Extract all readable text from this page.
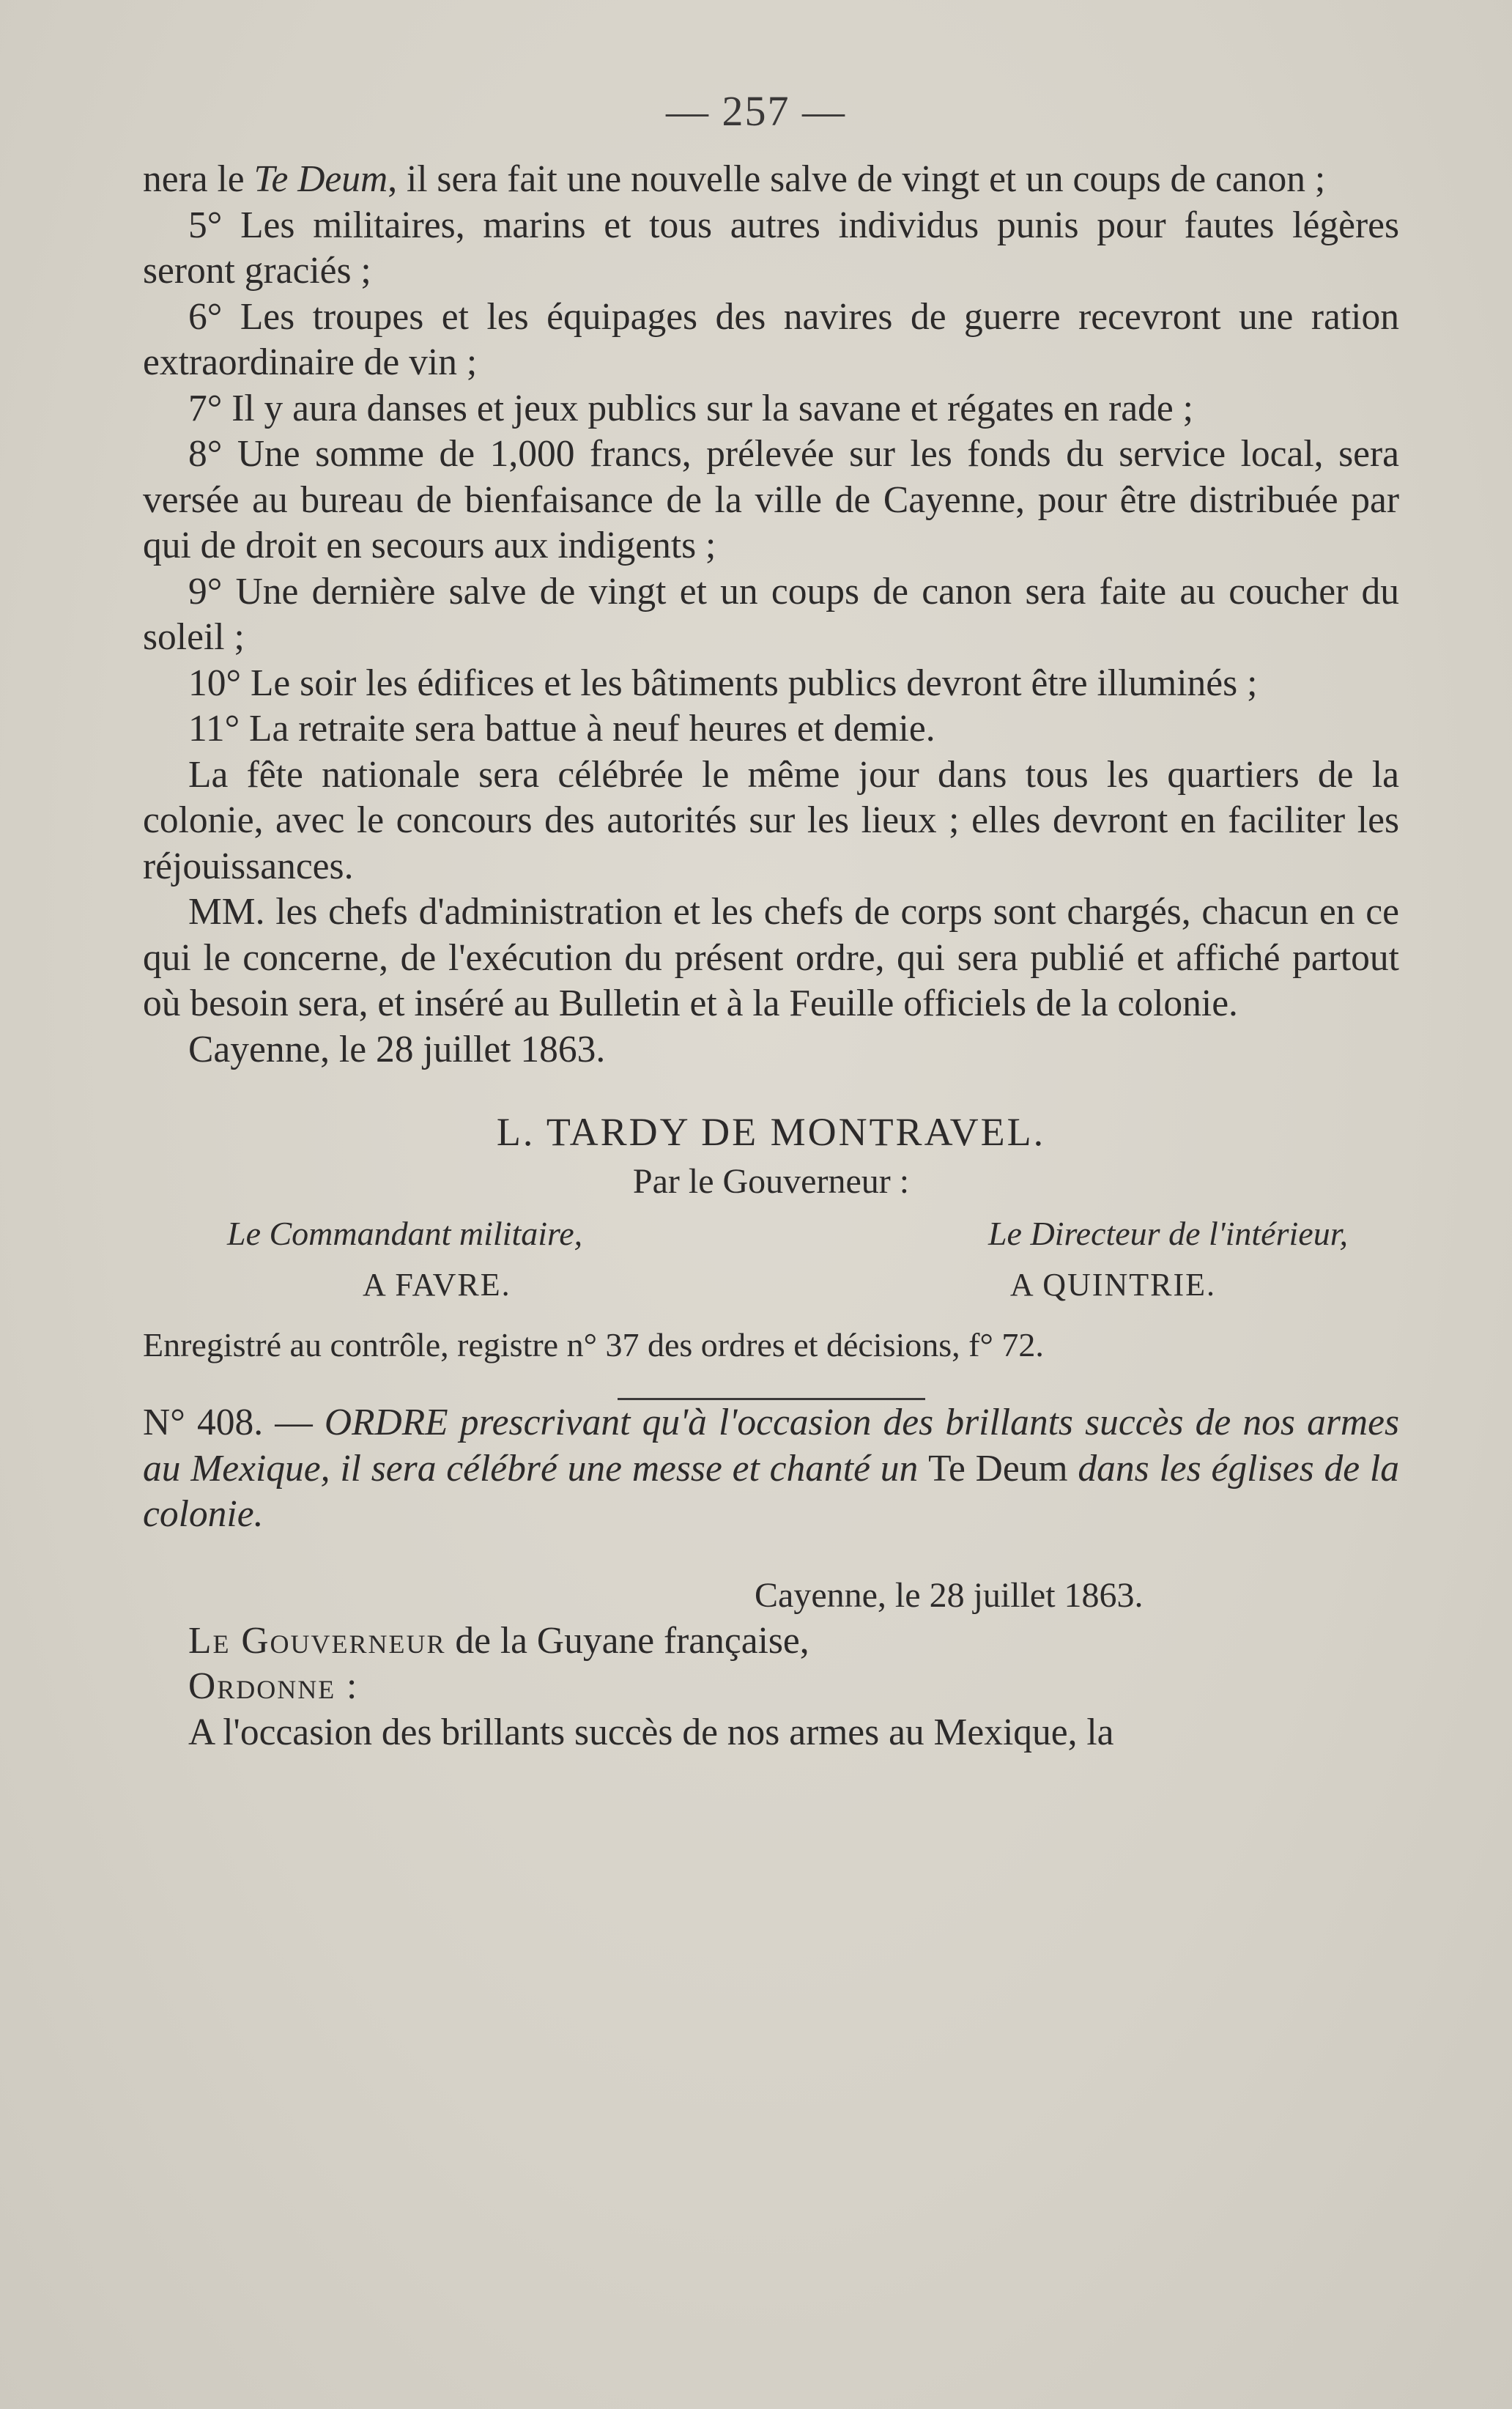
— 257 —

nera le Te Deum, il sera fait une nouvelle salve de vingt et un coups de canon ;

5° Les militaires, marins et tous autres individus punis pour fautes légères seront graciés ;

6° Les troupes et les équipages des navires de guerre recevront une ration extraordinaire de vin ;

7° Il y aura danses et jeux publics sur la savane et régates en rade ;

8° Une somme de 1,000 francs, prélevée sur les fonds du service local, sera versée au bureau de bienfaisance de la ville de Cayenne, pour être distribuée par qui de droit en secours aux indigents ;

9° Une dernière salve de vingt et un coups de canon sera faite au coucher du soleil ;

10° Le soir les édifices et les bâtiments publics devront être illuminés ;

11° La retraite sera battue à neuf heures et demie.

La fête nationale sera célébrée le même jour dans tous les quartiers de la colonie, avec le concours des autorités sur les lieux ; elles devront en faciliter les réjouissances.

MM. les chefs d'administration et les chefs de corps sont chargés, chacun en ce qui le concerne, de l'exécution du présent ordre, qui sera publié et affiché partout où besoin sera, et inséré au Bulletin et à la Feuille officiels de la colonie.

Cayenne, le 28 juillet 1863.

L. TARDY DE MONTRAVEL.
Par le Gouverneur :
Le Commandant militaire,	Le Directeur de l'intérieur,
A FAVRE.	A QUINTRIE.
Enregistré au contrôle, registre n° 37 des ordres et décisions, f° 72.

N° 408. — ORDRE prescrivant qu'à l'occasion des brillants succès de nos armes au Mexique, il sera célébré une messe et chanté un Te Deum dans les églises de la colonie.

Cayenne, le 28 juillet 1863.

Le Gouverneur de la Guyane française,

Ordonne :

A l'occasion des brillants succès de nos armes au Mexique, la
